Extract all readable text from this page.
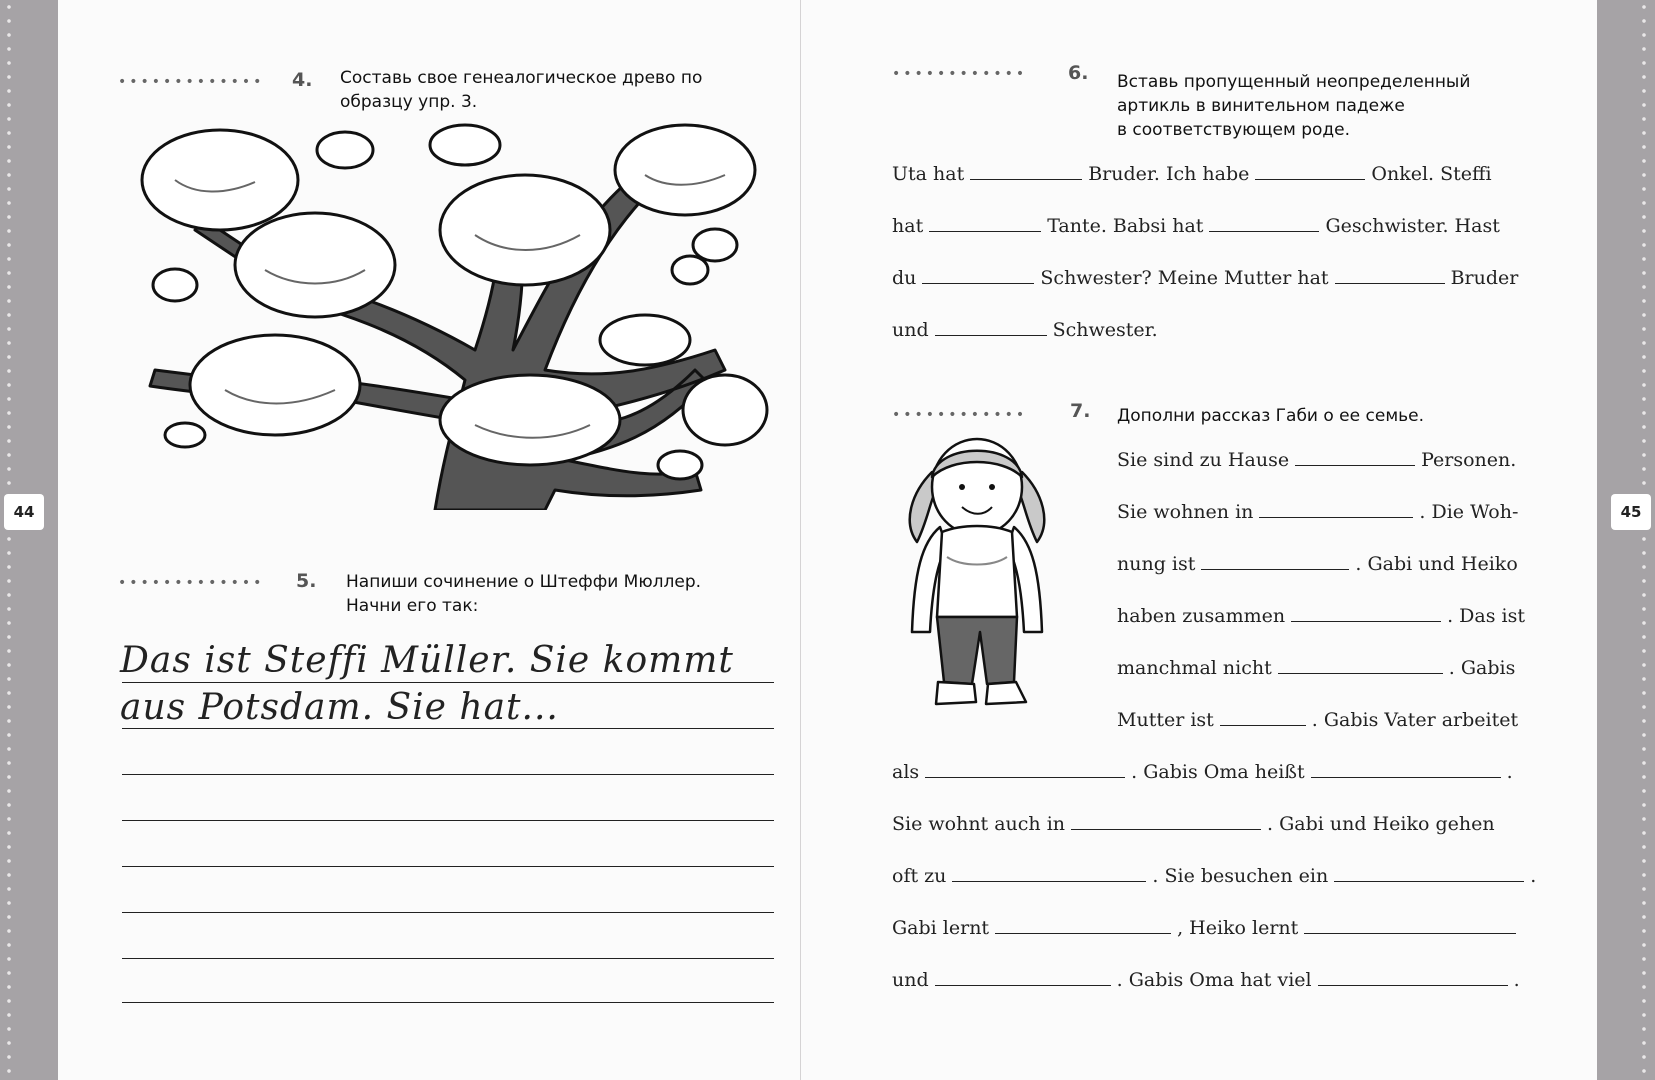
44	45
••••••••••••• 4. Составь свое генеалогическое древо по
образцу упр. 3.
••••••••••••• 5. Напиши сочинение о Штеффи Мюллер.
Начни его так:
Das ist Steffi Müller. Sie kommt
aus Potsdam. Sie hat...
•••••••••••• 6. Вставь пропущенный неопределенный
артикль в винительном падеже
в соответствующем роде.
Uta hat	Bruder. Ich habe	Onkel. Steffi
hat	Tante. Babsi hat	Geschwister. Hast
du	Schwester? Meine Mutter hat	Bruder
und	Schwester.
•••••••••••• 7. Дополни рассказ Габи о ее семье.
Sie sind zu Hause	Personen.
Sie wohnen in	. Die Woh-
nung ist	. Gabi und Heiko
haben zusammen	. Das ist
manchmal nicht	. Gabis
Mutter ist	. Gabis Vater arbeitet
als	. Gabis Oma heißt	.
Sie wohnt auch in	. Gabi und Heiko gehen
oft zu	. Sie besuchen ein	.
Gabi lernt	, Heiko lernt
und	. Gabis Oma hat viel	.
